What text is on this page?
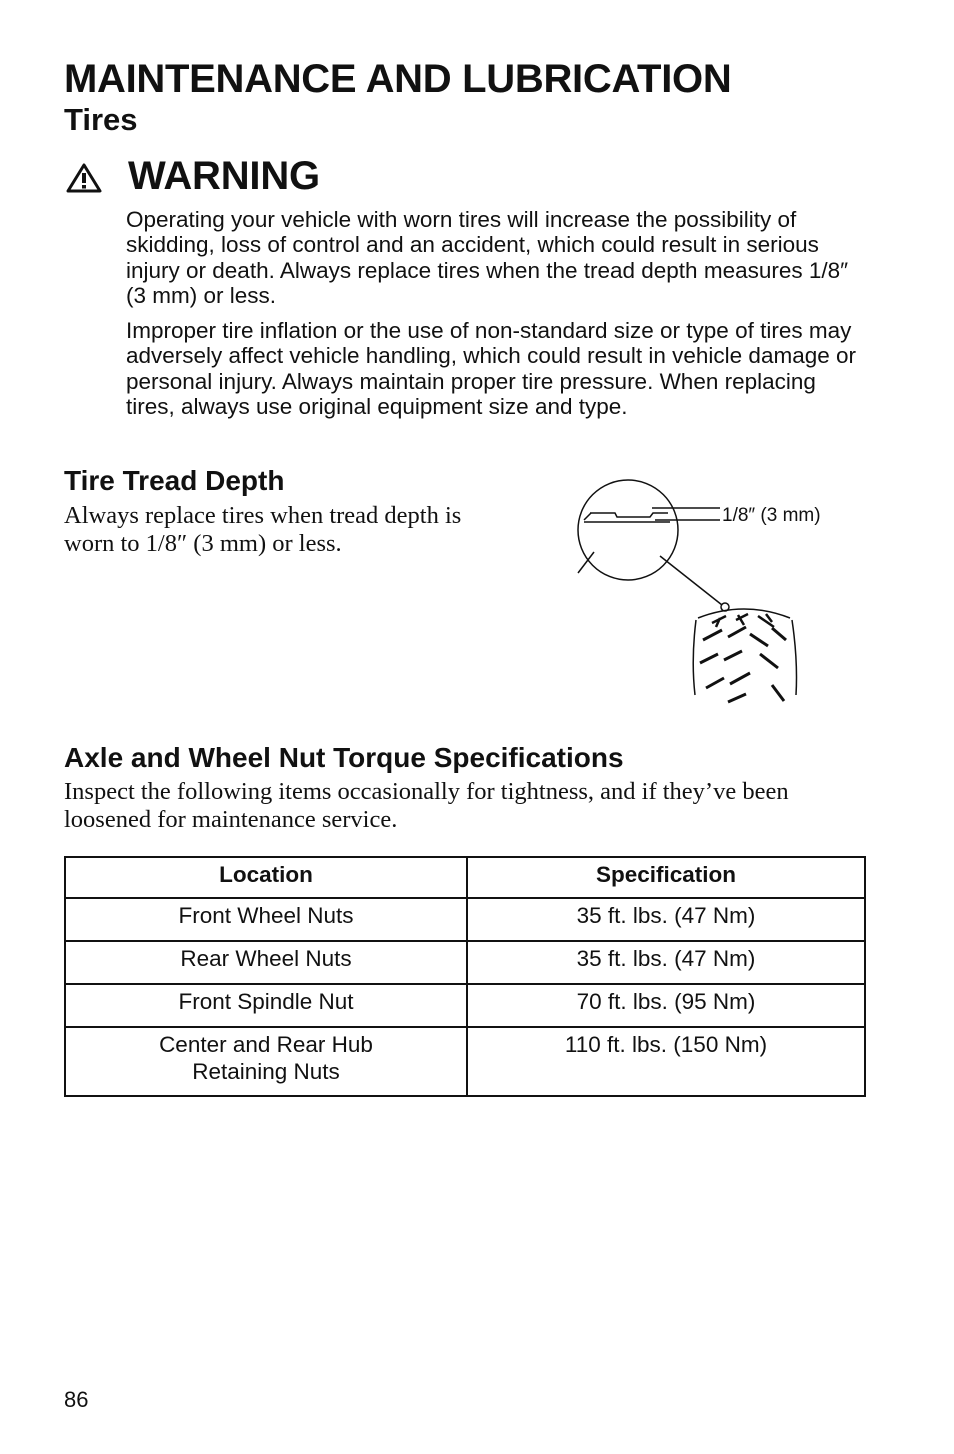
MAINTENANCE AND LUBRICATION
Tires
WARNING

Operating your vehicle with worn tires will increase the possibility of skidding, loss of control and an accident, which could result in serious injury or death. Always replace tires when the tread depth measures 1/8″ (3 mm) or less.

Improper tire inflation or the use of non-standard size or type of tires may adversely affect vehicle handling, which could result in vehicle damage or personal injury. Always maintain proper tire pressure. When replacing tires, always use original equipment size and type.

Tire Tread Depth

Always replace tires when tread depth is worn to 1/8″ (3 mm) or less.

1/8″ (3 mm)
Axle and Wheel Nut Torque Specifications

Inspect the following items occasionally for tightness, and if they’ve been loosened for maintenance service.

Location	Specification
Front Wheel Nuts	35 ft. lbs. (47 Nm)
Rear Wheel Nuts	35 ft. lbs. (47 Nm)
Front Spindle Nut	70 ft. lbs. (95 Nm)

Center and Rear Hub
Retaining Nuts	110 ft. lbs. (150 Nm)
86
